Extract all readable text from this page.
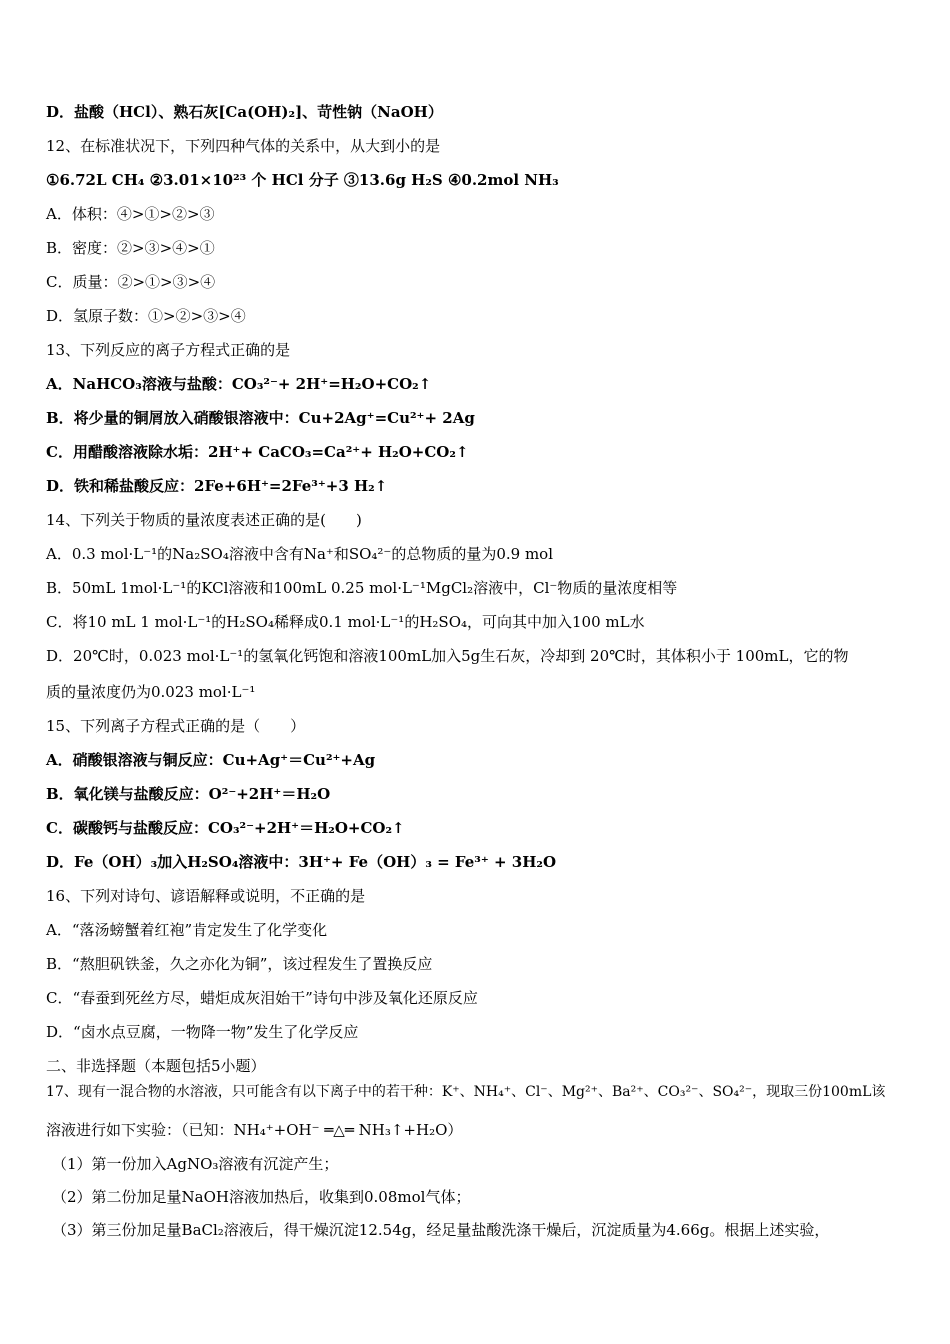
D．盐酸（HCl）、熟石灰[Ca(OH)₂]、苛性钠（NaOH）
12、在标准状况下，下列四种气体的关系中，从大到小的是
①6.72L CH₄ ②3.01×10²³ 个 HCl 分子 ③13.6g H₂S ④0.2mol NH₃
A．体积：④>①>②>③
B．密度：②>③>④>①
C．质量：②>①>③>④
D．氢原子数：①>②>③>④
13、下列反应的离子方程式正确的是
A．NaHCO₃溶液与盐酸：CO₃²⁻+ 2H⁺=H₂O+CO₂↑
B．将少量的铜屑放入硝酸银溶液中：Cu+2Ag⁺=Cu²⁺+ 2Ag
C．用醋酸溶液除水垢：2H⁺+ CaCO₃=Ca²⁺+ H₂O+CO₂↑
D．铁和稀盐酸反应：2Fe+6H⁺=2Fe³⁺+3 H₂↑
14、下列关于物质的量浓度表述正确的是(　　)
A．0.3 mol·L⁻¹的Na₂SO₄溶液中含有Na⁺和SO₄²⁻的总物质的量为0.9 mol
B．50mL 1mol·L⁻¹的KCl溶液和100mL 0.25 mol·L⁻¹MgCl₂溶液中，Cl⁻物质的量浓度相等
C．将10 mL 1 mol·L⁻¹的H₂SO₄稀释成0.1 mol·L⁻¹的H₂SO₄，可向其中加入100 mL水
D．20℃时，0.023 mol·L⁻¹的氢氧化钙饱和溶液100mL加入5g生石灰，冷却到 20℃时，其体积小于 100mL，它的物
质的量浓度仍为0.023 mol·L⁻¹
15、下列离子方程式正确的是（　　）
A．硝酸银溶液与铜反应：Cu+Ag⁺＝Cu²⁺+Ag
B．氧化镁与盐酸反应：O²⁻+2H⁺＝H₂O
C．碳酸钙与盐酸反应：CO₃²⁻+2H⁺＝H₂O+CO₂↑
D．Fe（OH）₃加入H₂SO₄溶液中：3H⁺+ Fe（OH）₃ = Fe³⁺ + 3H₂O
16、下列对诗句、谚语解释或说明，不正确的是
A．“落汤螃蟹着红袍”肯定发生了化学变化
B．“熬胆矾铁釜，久之亦化为铜”，该过程发生了置换反应
C．“春蚕到死丝方尽，蜡炬成灰泪始干”诗句中涉及氧化还原反应
D．“卤水点豆腐，一物降一物”发生了化学反应
二、非选择题（本题包括5小题）
17、现有一混合物的水溶液，只可能含有以下离子中的若干种：K⁺、NH₄⁺、Cl⁻、Mg²⁺、Ba²⁺、CO₃²⁻、SO₄²⁻，现取三份100mL该
溶液进行如下实验：（已知：NH₄⁺+OH⁻ ═△═ NH₃↑+H₂O）
（1）第一份加入AgNO₃溶液有沉淀产生；
（2）第二份加足量NaOH溶液加热后，收集到0.08mol气体；
（3）第三份加足量BaCl₂溶液后，得干燥沉淀12.54g，经足量盐酸洗涤干燥后，沉淀质量为4.66g。根据上述实验，
